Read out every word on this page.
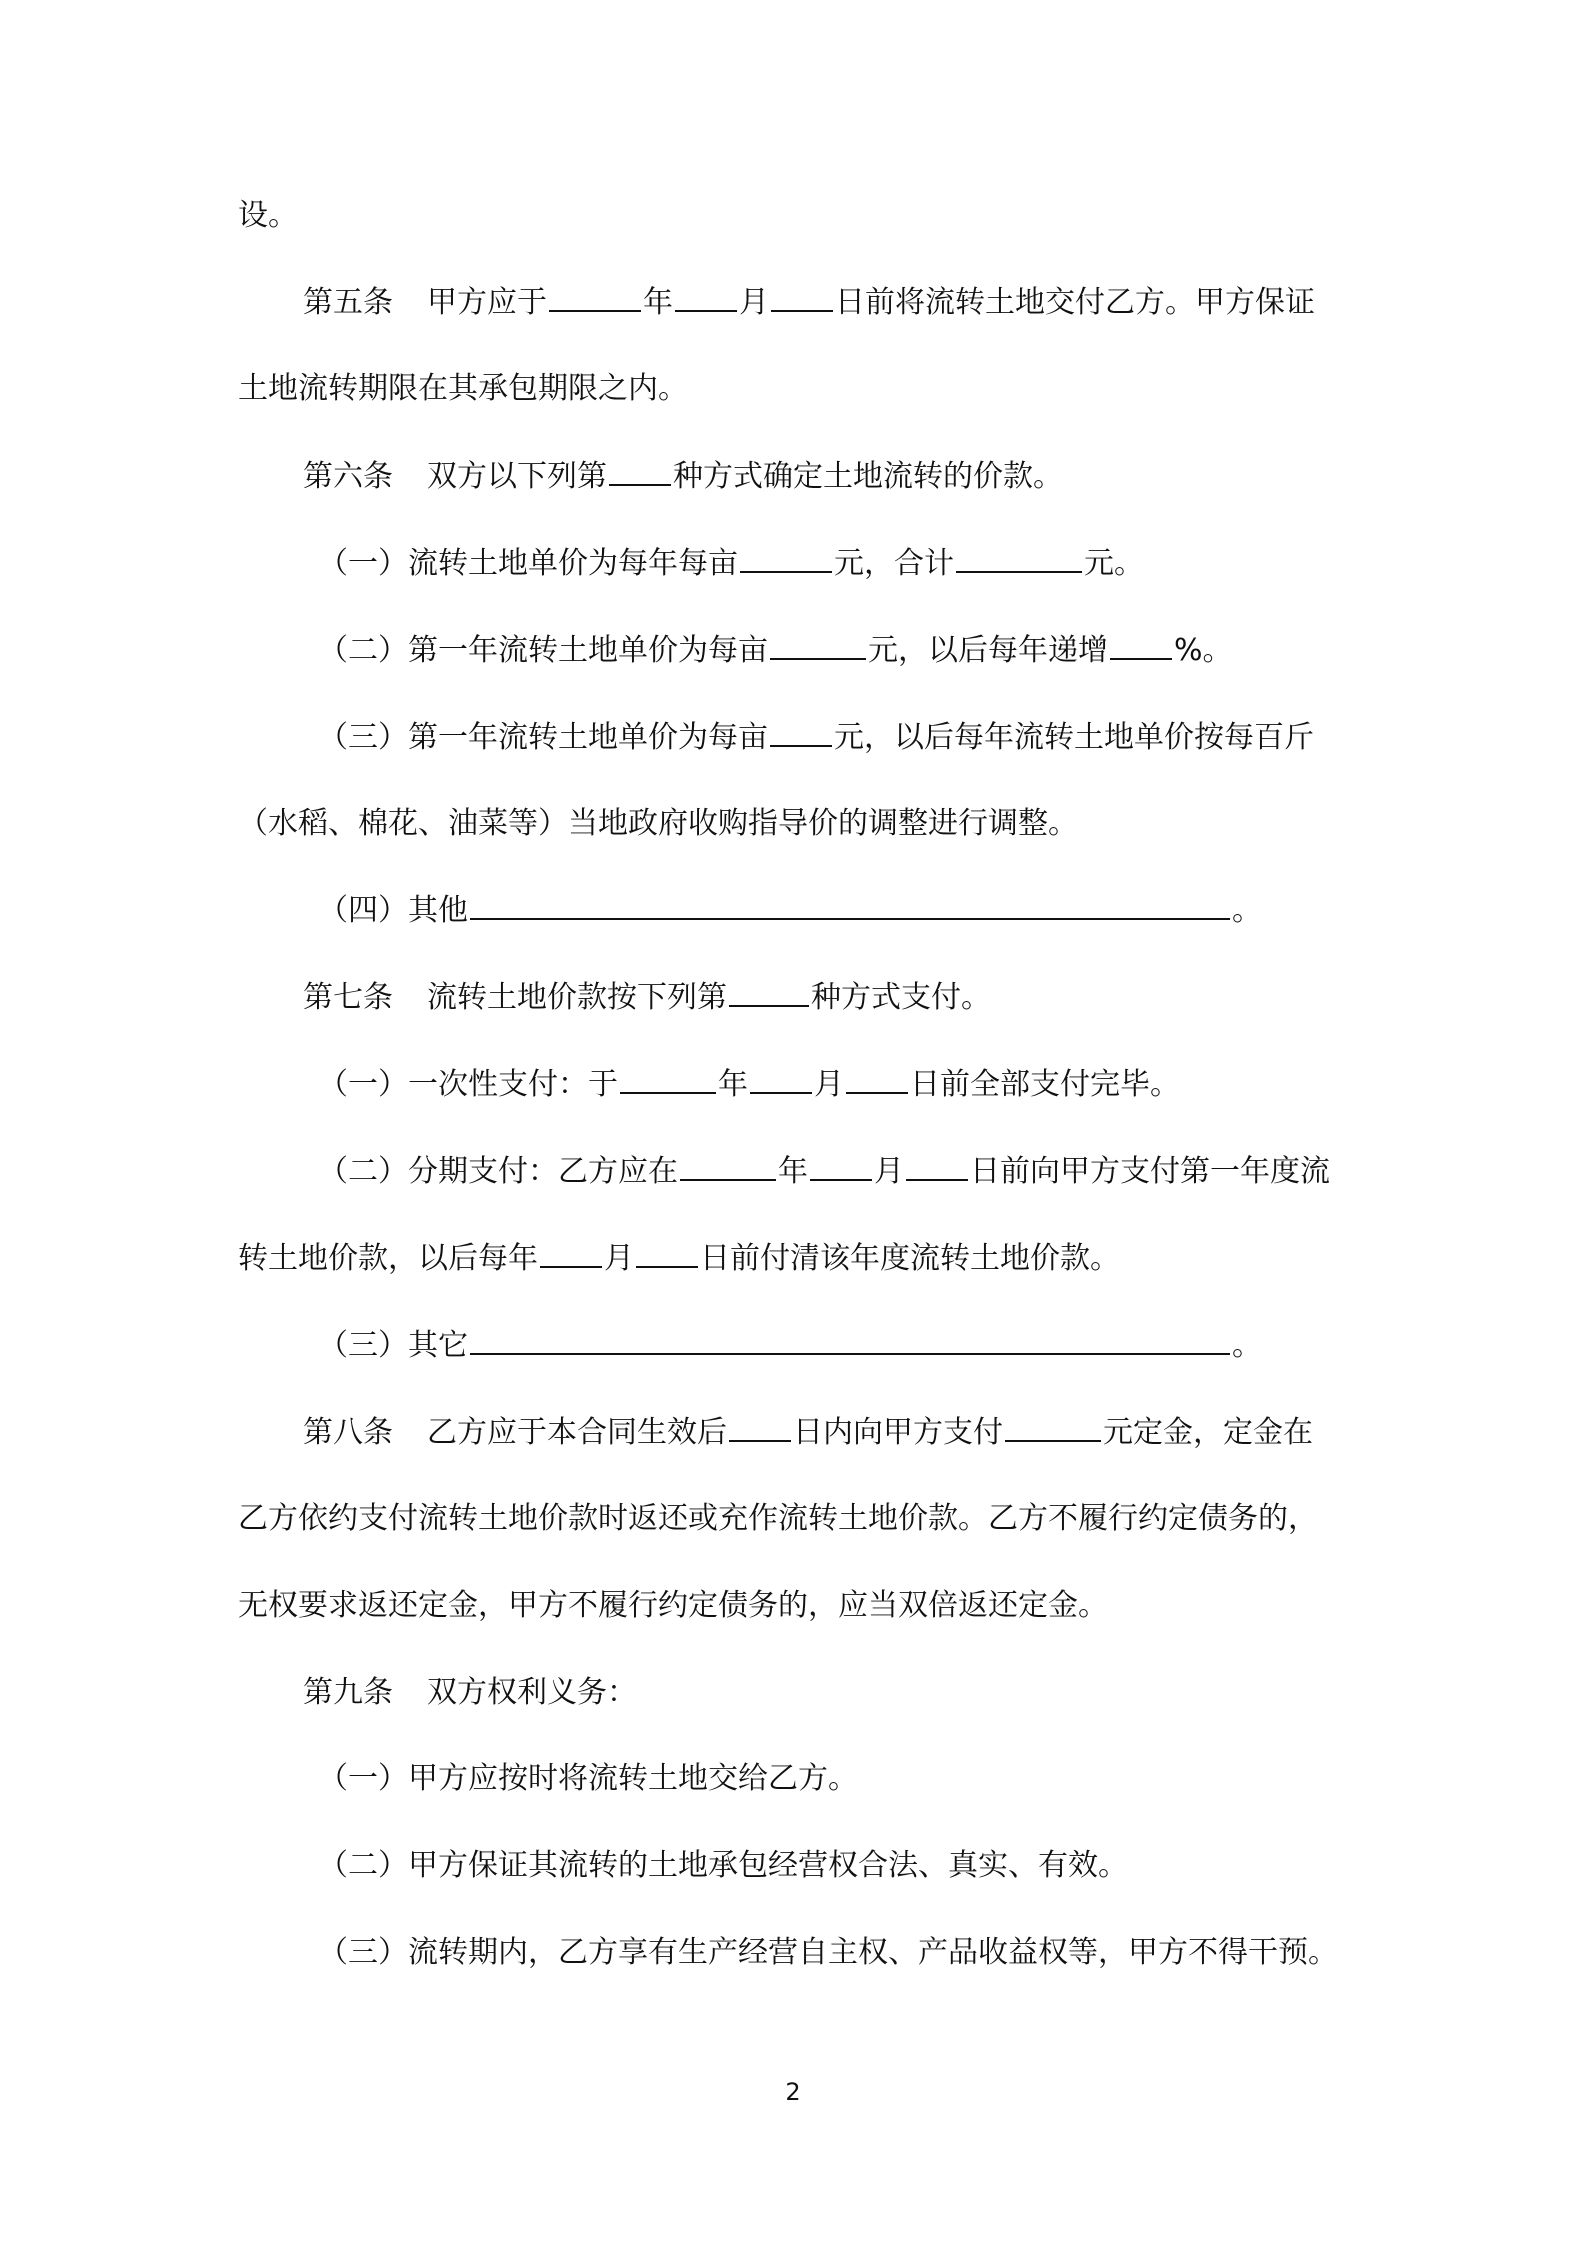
设。
第五条 甲方应于	年 月 日前将流转土地交付乙方。甲方保证
土地流转期限在其承包期限之内。
第六条 双方以下列第 种方式确定土地流转的价款。
（一）流转土地单价为每年每亩	元，合计	元。
（二）第一年流转土地单价为每亩	元，以后每年递增 %。
（三）第一年流转土地单价为每亩 元，以后每年流转土地单价按每百斤
（水稻、棉花、油菜等）当地政府收购指导价的调整进行调整。
（四）其他	。
第七条 流转土地价款按下列第	种方式支付。
（一）一次性支付：于	年 月 日前全部支付完毕。
（二）分期支付：乙方应在	年 月 日前向甲方支付第一年度流
转土地价款，以后每年 月 日前付清该年度流转土地价款。
（三）其它	。
第八条 乙方应于本合同生效后 日内向甲方支付	元定金，定金在
乙方依约支付流转土地价款时返还或充作流转土地价款。乙方不履行约定债务的，
无权要求返还定金，甲方不履行约定债务的，应当双倍返还定金。
第九条 双方权利义务：
（一）甲方应按时将流转土地交给乙方。
（二）甲方保证其流转的土地承包经营权合法、真实、有效。
（三）流转期内，乙方享有生产经营自主权、产品收益权等，甲方不得干预。
2
